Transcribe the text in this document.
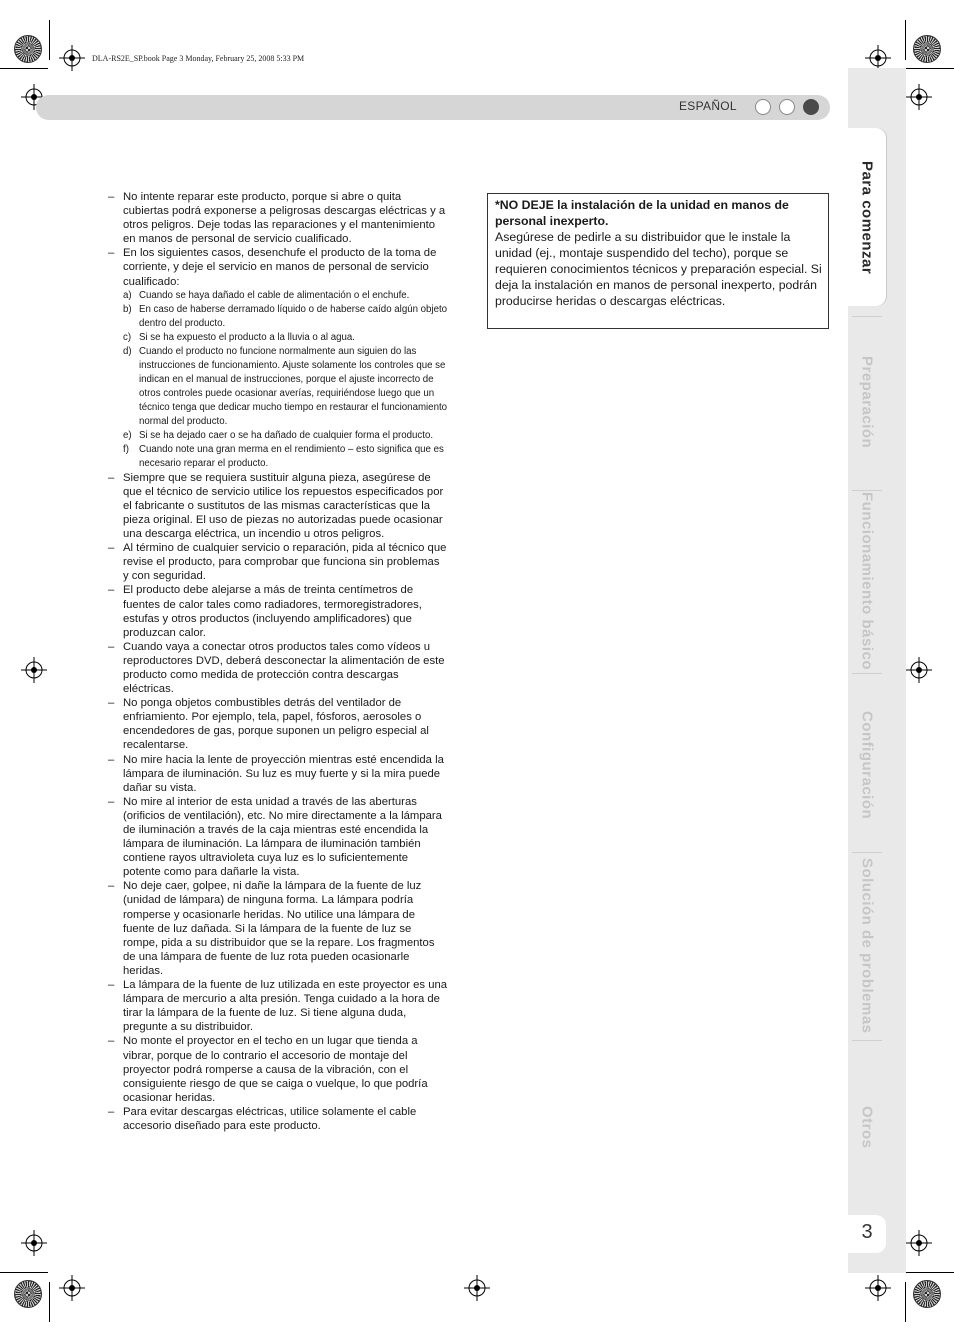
DLA-RS2E_SP.book Page 3 Monday, February 25, 2008 5:33 PM
ESPAÑOL
Para comenzar
Preparación
Funcionamiento básico
Configuración
Solución de problemas
Otros
3
– No intente reparar este producto, porque si abre o quita cubiertas podrá exponerse a peligrosas descargas eléctricas y a otros peligros. Deje todas las reparaciones y el mantenimiento en manos de personal de servicio cualificado.
– En los siguientes casos, desenchufe el producto de la toma de corriente, y deje el servicio en manos de personal de servicio cualificado:
a) Cuando se haya dañado el cable de alimentación o el enchufe.
b) En caso de haberse derramado líquido o de haberse caído algún objeto dentro del producto.
c) Si se ha expuesto el producto a la lluvia o al agua.
d) Cuando el producto no funcione normalmente aun siguien do las instrucciones de funcionamiento. Ajuste solamente los controles que se indican en el manual de instrucciones, porque el ajuste incorrecto de otros controles puede ocasionar averías, requiriéndose luego que un técnico tenga que dedicar mucho tiempo en restaurar el funcionamiento normal del producto.
e) Si se ha dejado caer o se ha dañado de cualquier forma el producto.
f) Cuando note una gran merma en el rendimiento – esto significa que es necesario reparar el producto.
– Siempre que se requiera sustituir alguna pieza, asegúrese de que el técnico de servicio utilice los repuestos especificados por el fabricante o sustitutos de las mismas características que la pieza original. El uso de piezas no autorizadas puede ocasionar una descarga eléctrica, un incendio u otros peligros.
– Al término de cualquier servicio o reparación, pida al técnico que revise el producto, para comprobar que funciona sin problemas y con seguridad.
– El producto debe alejarse a más de treinta centímetros de fuentes de calor tales como radiadores, termoregistradores, estufas y otros productos (incluyendo amplificadores) que produzcan calor.
– Cuando vaya a conectar otros productos tales como vídeos u reproductores DVD, deberá desconectar la alimentación de este producto como medida de protección contra descargas eléctricas.
– No ponga objetos combustibles detrás del ventilador de enfriamiento. Por ejemplo, tela, papel, fósforos, aerosoles o encendedores de gas, porque suponen un peligro especial al recalentarse.
– No mire hacia la lente de proyección mientras esté encendida la lámpara de iluminación. Su luz es muy fuerte y si la mira puede dañar su vista.
– No mire al interior de esta unidad a través de las aberturas (orificios de ventilación), etc. No mire directamente a la lámpara de iluminación a través de la caja mientras esté encendida la lámpara de iluminación. La lámpara de iluminación también contiene rayos ultravioleta cuya luz es lo suficientemente potente como para dañarle la vista.
– No deje caer, golpee, ni dañe la lámpara de la fuente de luz (unidad de lámpara) de ninguna forma. La lámpara podría romperse y ocasionarle heridas. No utilice una lámpara de fuente de luz dañada. Si la lámpara de la fuente de luz se rompe, pida a su distribuidor que se la repare. Los fragmentos de una lámpara de fuente de luz rota pueden ocasionarle heridas.
– La lámpara de la fuente de luz utilizada en este proyector es una lámpara de mercurio a alta presión. Tenga cuidado a la hora de tirar la lámpara de la fuente de luz. Si tiene alguna duda, pregunte a su distribuidor.
– No monte el proyector en el techo en un lugar que tienda a vibrar, porque de lo contrario el accesorio de montaje del proyector podrá romperse a causa de la vibración, con el consiguiente riesgo de que se caiga o vuelque, lo que podría ocasionar heridas.
– Para evitar descargas eléctricas, utilice solamente el cable accesorio diseñado para este producto.
*NO DEJE la instalación de la unidad en manos de personal inexperto.
Asegúrese de pedirle a su distribuidor que le instale la unidad (ej., montaje suspendido del techo), porque se requieren conocimientos técnicos y preparación especial. Si deja la instalación en manos de personal inexperto, podrán producirse heridas o descargas eléctricas.
